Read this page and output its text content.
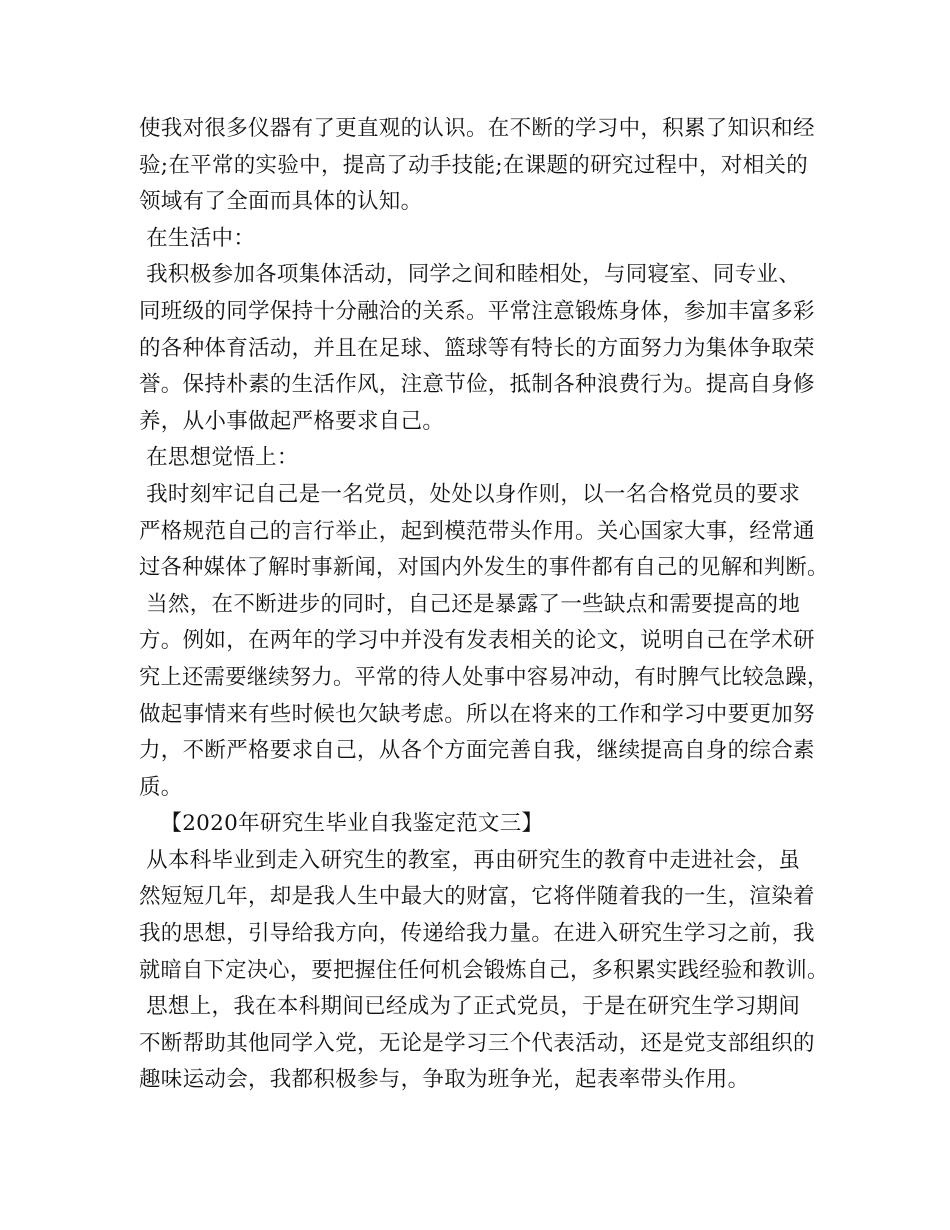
使我对很多仪器有了更直观的认识。在不断的学习中，积累了知识和经
验;在平常的实验中，提高了动手技能;在课题的研究过程中，对相关的
领域有了全面而具体的认知。
在生活中：
我积极参加各项集体活动，同学之间和睦相处，与同寝室、同专业、
同班级的同学保持十分融洽的关系。平常注意锻炼身体，参加丰富多彩
的各种体育活动，并且在足球、篮球等有特长的方面努力为集体争取荣
誉。保持朴素的生活作风，注意节俭，抵制各种浪费行为。提高自身修
养，从小事做起严格要求自己。
在思想觉悟上：
我时刻牢记自己是一名党员，处处以身作则，以一名合格党员的要求
严格规范自己的言行举止，起到模范带头作用。关心国家大事，经常通
过各种媒体了解时事新闻，对国内外发生的事件都有自己的见解和判断。
当然，在不断进步的同时，自己还是暴露了一些缺点和需要提高的地
方。例如，在两年的学习中并没有发表相关的论文，说明自己在学术研
究上还需要继续努力。平常的待人处事中容易冲动，有时脾气比较急躁，
做起事情来有些时候也欠缺考虑。所以在将来的工作和学习中要更加努
力，不断严格要求自己，从各个方面完善自我，继续提高自身的综合素
质。
【2020年研究生毕业自我鉴定范文三】
从本科毕业到走入研究生的教室，再由研究生的教育中走进社会，虽
然短短几年，却是我人生中最大的财富，它将伴随着我的一生，渲染着
我的思想，引导给我方向，传递给我力量。在进入研究生学习之前，我
就暗自下定决心，要把握住任何机会锻炼自己，多积累实践经验和教训。
思想上，我在本科期间已经成为了正式党员，于是在研究生学习期间
不断帮助其他同学入党，无论是学习三个代表活动，还是党支部组织的
趣味运动会，我都积极参与，争取为班争光，起表率带头作用。
